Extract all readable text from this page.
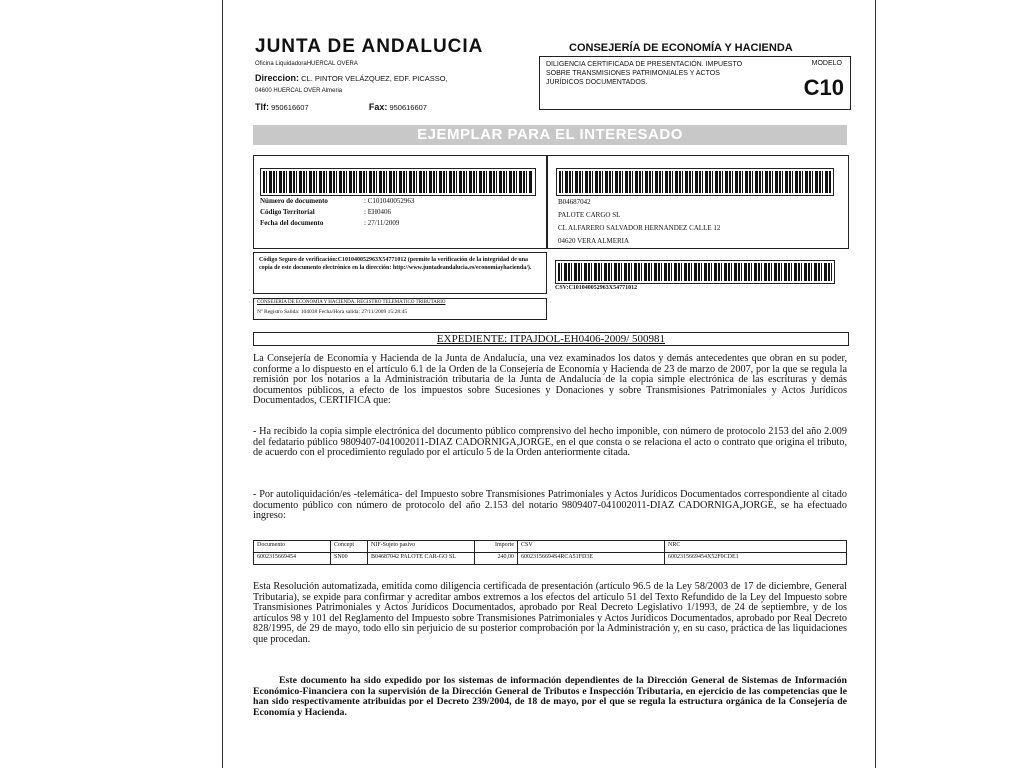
JUNTA DE ANDALUCIA
Oficina LiquidadoraHUERCAL OVERA
Direccion: CL. PINTOR VELÁZQUEZ, EDF. PICASSO,
04600 HUERCAL OVER Almeria
Tlf: 950616607	Fax: 950616607
CONSEJERÍA DE ECONOMÍA Y HACIENDA
DILIGENCIA CERTIFICADA DE PRESENTACIÓN. IMPUESTO SOBRE TRANSMISIONES PATRIMONIALES Y ACTOS JURÍDICOS DOCUMENTADOS.
MODELO
C10
EJEMPLAR PARA EL INTERESADO
Número de documento	: C101040052963
Código Territorial	: EH0406
Fecha del documento	: 27/11/2009
B04687042
PALOTE CARGO SL
CL ALFARERO SALVADOR HERNANDEZ CALLE 12
04620 VERA ALMERIA
Código Seguro de verificación:C101040052963X54771012 (permite la verificación de la integridad de una copia de este documento electrónico en la dirección: http://www.juntadeandalucia.es/economiayhacienda/).
CSV:C101040052963X54771012
CONSEJERÍA DE ECONOMÍA Y HACIENDA. REGISTRO TELEMÁTICO TRIBUTARIO
Nº Registro Salida: 104038 Fecha/Hora salida: 27/11/2009 15:28:45
EXPEDIENTE: ITPAJDOL-EH0406-2009/ 500981
La Consejería de Economía y Hacienda de la Junta de Andalucía, una vez examinados los datos y demás antecedentes que obran en su poder, conforme a lo dispuesto en el artículo 6.1 de la Orden de la Consejería de Economía y Hacienda de 23 de marzo de 2007, por la que se regula la remisión por los notarios a la Administración tributaria de la Junta de Andalucía de la copia simple electrónica de las escrituras y demás documentos públicos, a efecto de los impuestos sobre Sucesiones y Donaciones y sobre Transmisiones Patrimoniales y Actos Jurídicos Documentados, CERTIFICA que:
- Ha recibido la copia simple electrónica del documento público comprensivo del hecho imponible, con número de protocolo 2153 del año 2.009 del fedatario público 9809407-041002011-DIAZ CADORNIGA,JORGE, en el que consta o se relaciona el acto o contrato que origina el tributo, de acuerdo con el procedimiento regulado por el artículo 5 de la Orden anteriormente citada.
- Por autoliquidación/es -telemática- del Impuesto sobre Transmisiones Patrimoniales y Actos Jurídicos Documentados correspondiente al citado documento público con número de protocolo del año 2.153 del notario 9809407-041002011-DIAZ CADORNIGA,JORGE, se ha efectuado ingreso:
Documento	Concept	NIF-Sujeto pasivo	Importe	CSV	NRC
6002315669454	SN00	B04687042 PALOTE CAR-GO SL	240,00	60023156694S4RCA51FD3E	6002315669454X52F0CDE1
Esta Resolución automatizada, emitida como diligencia certificada de presentación (artículo 96.5 de la Ley 58/2003 de 17 de diciembre, General Tributaria), se expide para confirmar y acreditar ambos extremos a los efectos del artículo 51 del Texto Refundido de la Ley del Impuesto sobre Transmisiones Patrimoniales y Actos Jurídicos Documentados, aprobado por Real Decreto Legislativo 1/1993, de 24 de septiembre, y de los artículos 98 y 101 del Reglamento del Impuesto sobre Transmisiones Patrimoniales y Actos Jurídicos Documentados, aprobado por Real Decreto 828/1995, de 29 de mayo, todo ello sin perjuicio de su posterior comprobación por la Administración y, en su caso, práctica de las liquidaciones que procedan.
Este documento ha sido expedido por los sistemas de información dependientes de la Dirección General de Sistemas de Información Económico-Financiera con la supervisión de la Dirección General de Tributos e Inspección Tributaria, en ejercicio de las competencias que le han sido respectivamente atribuidas por el Decreto 239/2004, de 18 de mayo, por el que se regula la estructura orgánica de la Consejería de Economía y Hacienda.
